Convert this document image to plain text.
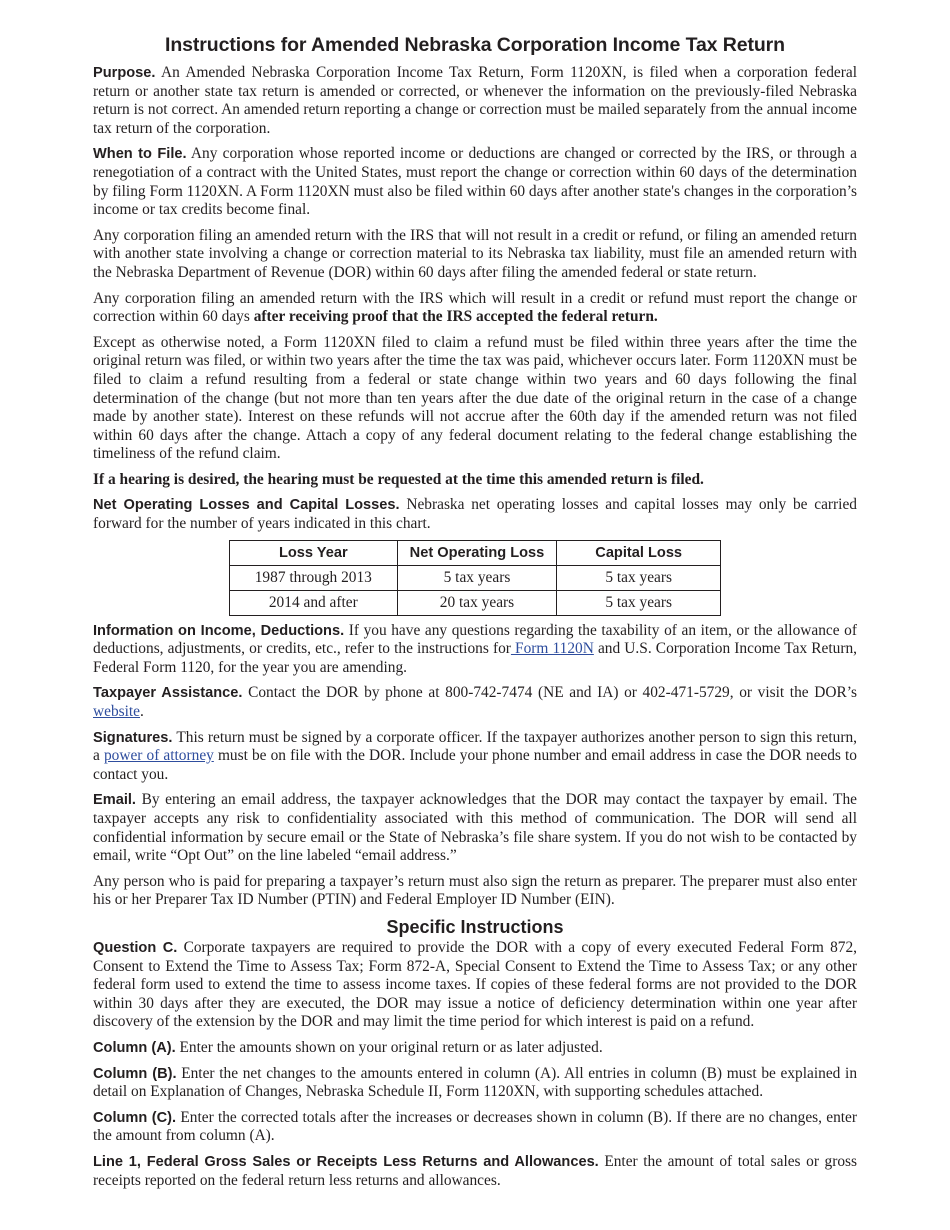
Instructions for Amended Nebraska Corporation Income Tax Return

Purpose. An Amended Nebraska Corporation Income Tax Return, Form 1120XN, is filed when a corporation federal return or another state tax return is amended or corrected, or whenever the information on the previously-filed Nebraska return is not correct. An amended return reporting a change or correction must be mailed separately from the annual income tax return of the corporation.

When to File. Any corporation whose reported income or deductions are changed or corrected by the IRS, or through a renegotiation of a contract with the United States, must report the change or correction within 60 days of the determination by filing Form 1120XN. A Form 1120XN must also be filed within 60 days after another state's changes in the corporation’s income or tax credits become final.

Any corporation filing an amended return with the IRS that will not result in a credit or refund, or filing an amended return with another state involving a change or correction material to its Nebraska tax liability, must file an amended return with the Nebraska Department of Revenue (DOR) within 60 days after filing the amended federal or state return.

Any corporation filing an amended return with the IRS which will result in a credit or refund must report the change or correction within 60 days after receiving proof that the IRS accepted the federal return.

Except as otherwise noted, a Form 1120XN filed to claim a refund must be filed within three years after the time the original return was filed, or within two years after the time the tax was paid, whichever occurs later. Form 1120XN must be filed to claim a refund resulting from a federal or state change within two years and 60 days following the final determination of the change (but not more than ten years after the due date of the original return in the case of a change made by another state). Interest on these refunds will not accrue after the 60th day if the amended return was not filed within 60 days after the change. Attach a copy of any federal document relating to the federal change establishing the timeliness of the refund claim.

If a hearing is desired, the hearing must be requested at the time this amended return is filed.

Net Operating Losses and Capital Losses. Nebraska net operating losses and capital losses may only be carried forward for the number of years indicated in this chart.

Loss Year	Net Operating Loss	Capital Loss
1987 through 2013	5 tax years	5 tax years
2014 and after	20 tax years	5 tax years

Information on Income, Deductions. If you have any questions regarding the taxability of an item, or the allowance of deductions, adjustments, or credits, etc., refer to the instructions for Form 1120N and U.S. Corporation Income Tax Return, Federal Form 1120, for the year you are amending.

Taxpayer Assistance. Contact the DOR by phone at 800-742-7474 (NE and IA) or 402-471-5729, or visit the DOR’s website.

Signatures. This return must be signed by a corporate officer. If the taxpayer authorizes another person to sign this return, a power of attorney must be on file with the DOR. Include your phone number and email address in case the DOR needs to contact you.

Email. By entering an email address, the taxpayer acknowledges that the DOR may contact the taxpayer by email. The taxpayer accepts any risk to confidentiality associated with this method of communication. The DOR will send all confidential information by secure email or the State of Nebraska’s file share system. If you do not wish to be contacted by email, write “Opt Out” on the line labeled “email address.”

Any person who is paid for preparing a taxpayer’s return must also sign the return as preparer. The preparer must also enter his or her Preparer Tax ID Number (PTIN) and Federal Employer ID Number (EIN).

Specific Instructions

Question C. Corporate taxpayers are required to provide the DOR with a copy of every executed Federal Form 872, Consent to Extend the Time to Assess Tax; Form 872-A, Special Consent to Extend the Time to Assess Tax; or any other federal form used to extend the time to assess income taxes. If copies of these federal forms are not provided to the DOR within 30 days after they are executed, the DOR may issue a notice of deficiency determination within one year after discovery of the extension by the DOR and may limit the time period for which interest is paid on a refund.

Column (A). Enter the amounts shown on your original return or as later adjusted.

Column (B). Enter the net changes to the amounts entered in column (A). All entries in column (B) must be explained in detail on Explanation of Changes, Nebraska Schedule II, Form 1120XN, with supporting schedules attached.

Column (C). Enter the corrected totals after the increases or decreases shown in column (B). If there are no changes, enter the amount from column (A).

Line 1, Federal Gross Sales or Receipts Less Returns and Allowances. Enter the amount of total sales or gross receipts reported on the federal return less returns and allowances.
